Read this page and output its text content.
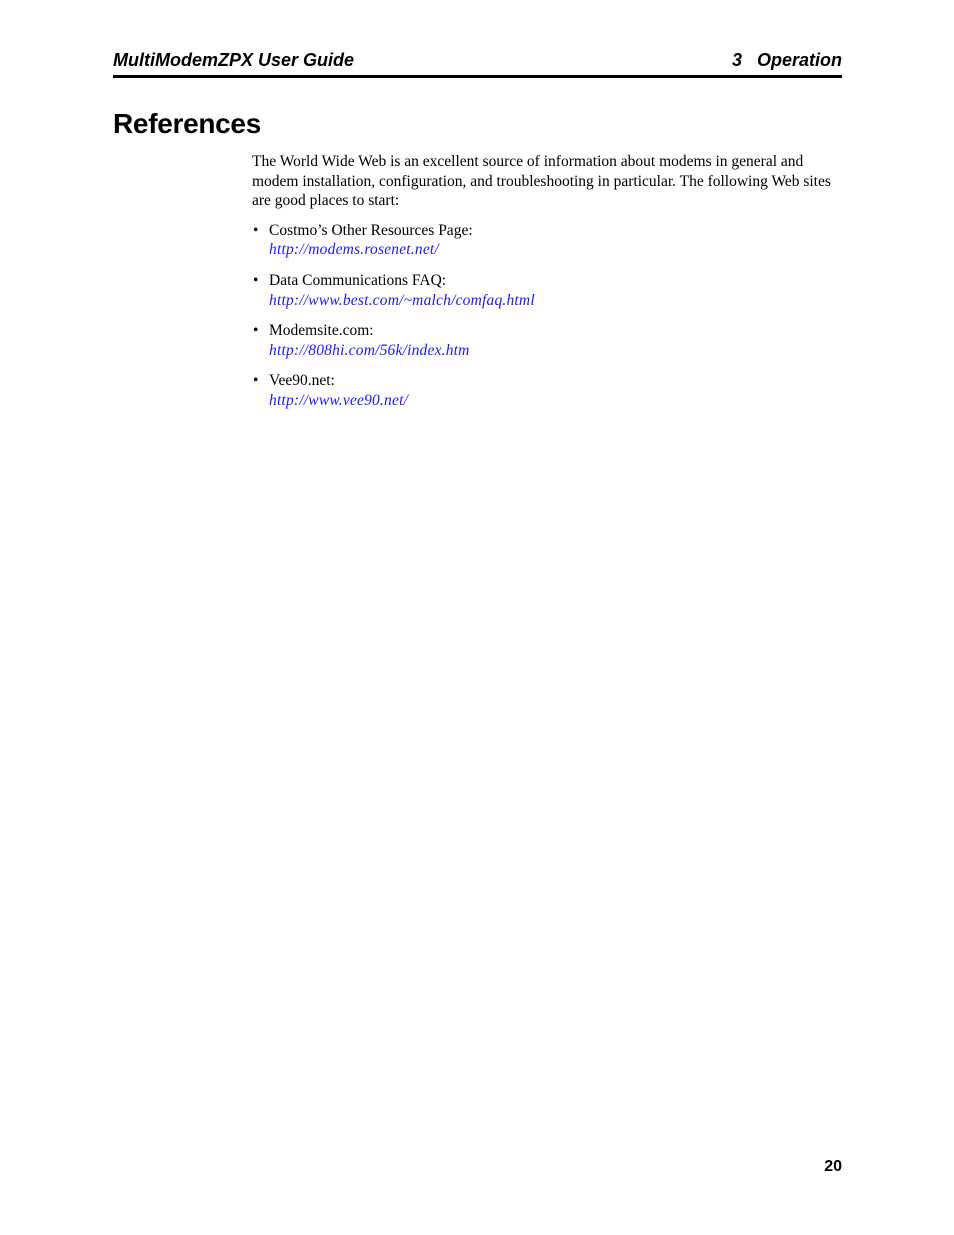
MultiModemZPX User Guide	3   Operation
References

The World Wide Web is an excellent source of information about modems in general and modem installation, configuration, and troubleshooting in particular. The following Web sites are good places to start:

• Costmo’s Other Resources Page:
http://modems.rosenet.net/
• Data Communications FAQ:
http://www.best.com/~malch/comfaq.html
• Modemsite.com:
http://808hi.com/56k/index.htm
• Vee90.net:
http://www.vee90.net/
20
